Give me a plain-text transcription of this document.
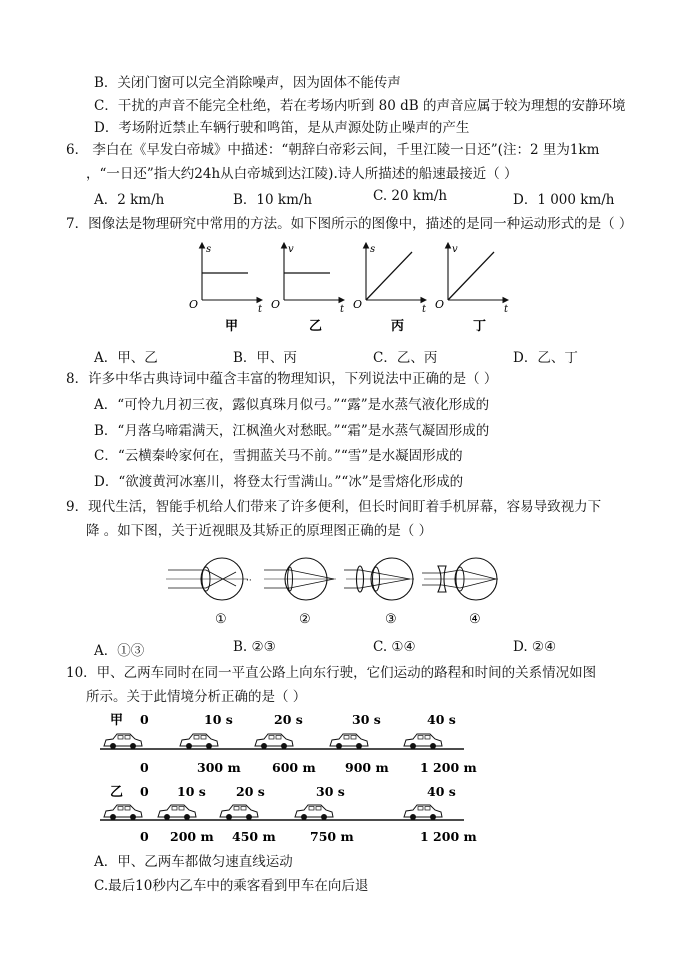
B．关闭门窗可以完全消除噪声，因为固体不能传声
C．干扰的声音不能完全杜绝，若在考场内听到 80 dB 的声音应属于较为理想的安静环境
D．考场附近禁止车辆行驶和鸣笛，是从声源处防止噪声的产生
6． 李白在《早发白帝城》中描述：“朝辞白帝彩云间，千里江陵一日还”(注：2 里为1km
，“一日还”指大约24h从白帝城到达江陵).诗人所描述的船速最接近（ ）
A．2 km/h	B．10 km/h	C. 20 km/h	D．1 000 km/h
7．图像法是物理研究中常用的方法。如下图所示的图像中，描述的是同一种运动形式的是（ ）
s
t
O
甲
v
t
O
乙
s
t
O
丙
v
t
O
丁
A．甲、乙	B．甲、丙	C．乙、丙	D．乙、丁
8．许多中华古典诗词中蕴含丰富的物理知识，下列说法中正确的是（ ）
A．“可怜九月初三夜，露似真珠月似弓。”“露”是水蒸气液化形成的
B．“月落乌啼霜满天，江枫渔火对愁眠。”“霜”是水蒸气凝固形成的
C．“云横秦岭家何在，雪拥蓝关马不前。”“雪”是水凝固形成的
D．“欲渡黄河冰塞川，将登太行雪满山。”“冰”是雪熔化形成的
9．现代生活，智能手机给人们带来了许多便利，但长时间盯着手机屏幕，容易导致视力下
降 。如下图，关于近视眼及其矫正的原理图正确的是（ ）
··
①	②	③	④
A．①③	B. ②③	C. ①④	D. ②④
10．甲、乙两车同时在同一平直公路上向东行驶，它们运动的路程和时间的关系情况如图
所示。关于此情境分析正确的是（ ）
甲 0	10 s	20 s	30 s	40 s
0	300 m	600 m 900 m	1 200 m
乙 0 10 s 20 s	30 s	40 s
0 200 m 450 m	750 m	1 200 m
A．甲、乙两车都做匀速直线运动
C.最后10秒内乙车中的乘客看到甲车在向后退
